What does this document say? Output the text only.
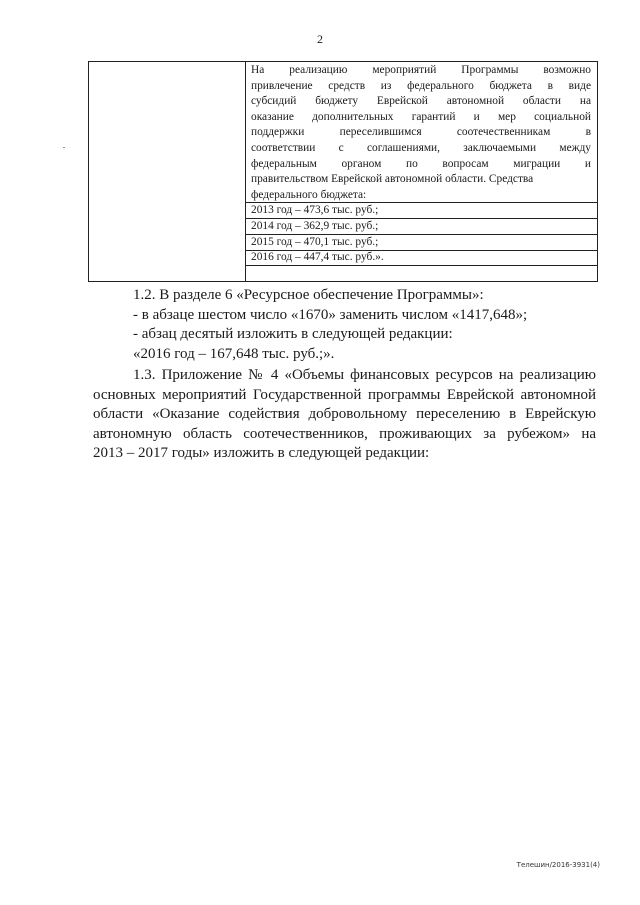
2
На реализацию мероприятий Программы возможно
привлечение средств из федерального бюджета в виде
субсидий бюджету Еврейской автономной области на
оказание дополнительных гарантий и мер социальной
поддержки переселившимся соотечественникам в
соответствии с соглашениями, заключаемыми между
федеральным органом по вопросам миграции и
правительством Еврейской автономной области. Средства
федерального бюджета:
2013 год – 473,6 тыс. руб.;
2014 год – 362,9 тыс. руб.;
2015 год – 470,1 тыс. руб.;
2016 год – 447,4 тыс. руб.».

1.2. В разделе 6 «Ресурсное обеспечение Программы»:

- в абзаце шестом число «1670» заменить числом «1417,648»;

- абзац десятый изложить в следующей редакции:

«2016 год – 167,648 тыс. руб.;».

1.3. Приложение № 4 «Объемы финансовых ресурсов на реализацию

основных мероприятий Государственной программы Еврейской автономной

области «Оказание содействия добровольному переселению в Еврейскую

автономную область соотечественников, проживающих за рубежом» на

2013 – 2017 годы» изложить в следующей редакции:

Телешин/2016-3931(4)
